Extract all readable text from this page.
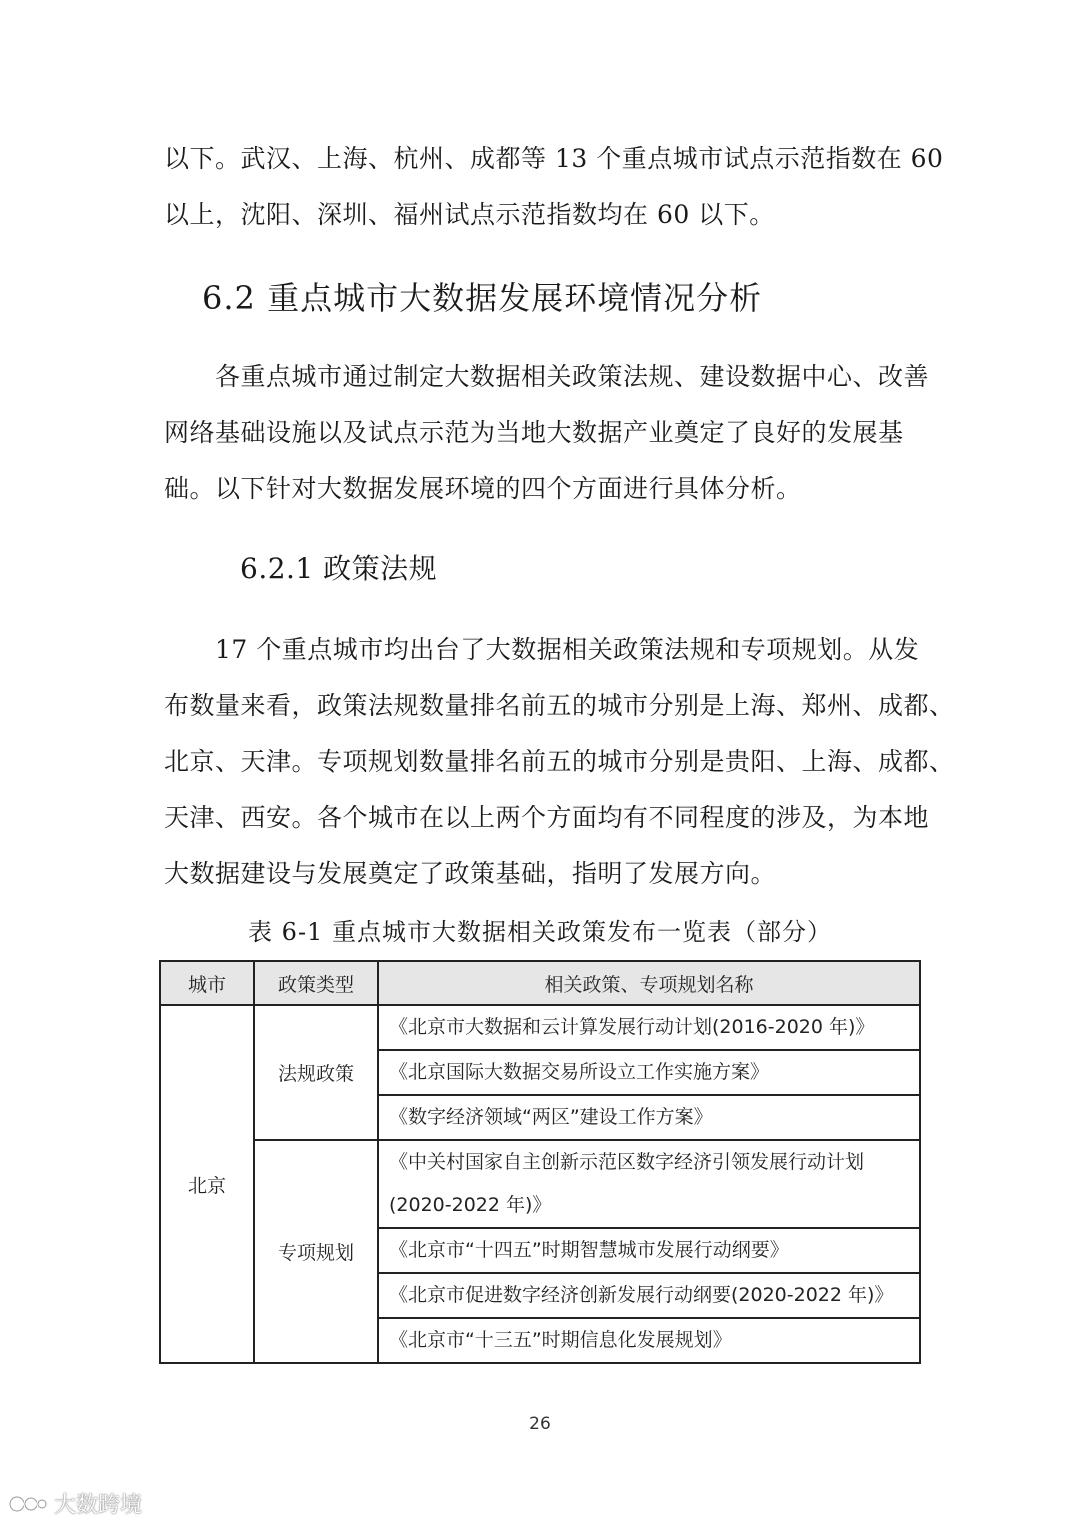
以下。武汉、上海、杭州、成都等 13 个重点城市试点示范指数在 60
以上，沈阳、深圳、福州试点示范指数均在 60 以下。
6.2 重点城市大数据发展环境情况分析
　　各重点城市通过制定大数据相关政策法规、建设数据中心、改善
网络基础设施以及试点示范为当地大数据产业奠定了良好的发展基
础。以下针对大数据发展环境的四个方面进行具体分析。
6.2.1 政策法规
　　17 个重点城市均出台了大数据相关政策法规和专项规划。从发
布数量来看，政策法规数量排名前五的城市分别是上海、郑州、成都、
北京、天津。专项规划数量排名前五的城市分别是贵阳、上海、成都、
天津、西安。各个城市在以上两个方面均有不同程度的涉及，为本地
大数据建设与发展奠定了政策基础，指明了发展方向。

表 6-1 重点城市大数据相关政策发布一览表（部分）

城市	政策类型	相关政策、专项规划名称
北京	法规政策	《北京市大数据和云计算发展行动计划(2016-2020 年)》
		《北京国际大数据交易所设立工作实施方案》
		《数字经济领域“两区”建设工作方案》
	专项规划	《中关村国家自主创新示范区数字经济引领发展行动计划(2020-2022 年)》
		《北京市“十四五”时期智慧城市发展行动纲要》
		《北京市促进数字经济创新发展行动纲要(2020-2022 年)》
		《北京市“十三五”时期信息化发展规划》
26
大数跨境
